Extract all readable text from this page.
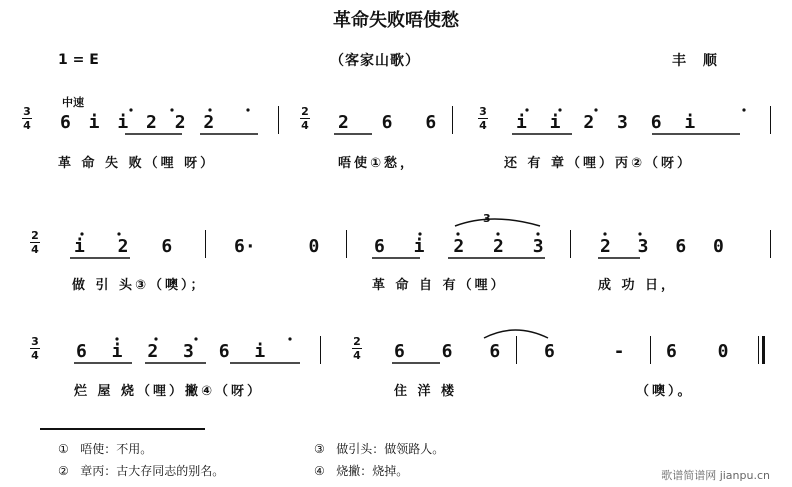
革命失败唔使愁
1 = E	（客家山歌）	丰 顺
中速
3
4 6 i i 2 2 2
2
4 2 6 6
3
4 i i 2 3 6 i
革 命 失 败（哩 呀）	唔使①愁，	还 有 章（哩）丙②（呀）
2
4 i 2 6	6· 0	6 i 2 2 3	2 3 6 0
3
做 引 头③（噢）；	革 命 自 有（哩）	成 功 日，
3
4 6 i 2 3 6 i	2
4 6 6 6 6 - 6 0
烂 屋 烧（哩）撇④（呀）	住 洋 楼	（噢）。
① 唔使：不用。	③ 做引头：做领路人。
② 章丙：古大存同志的别名。	④ 烧撇：烧掉。	歌谱简谱网 jianpu.cn
